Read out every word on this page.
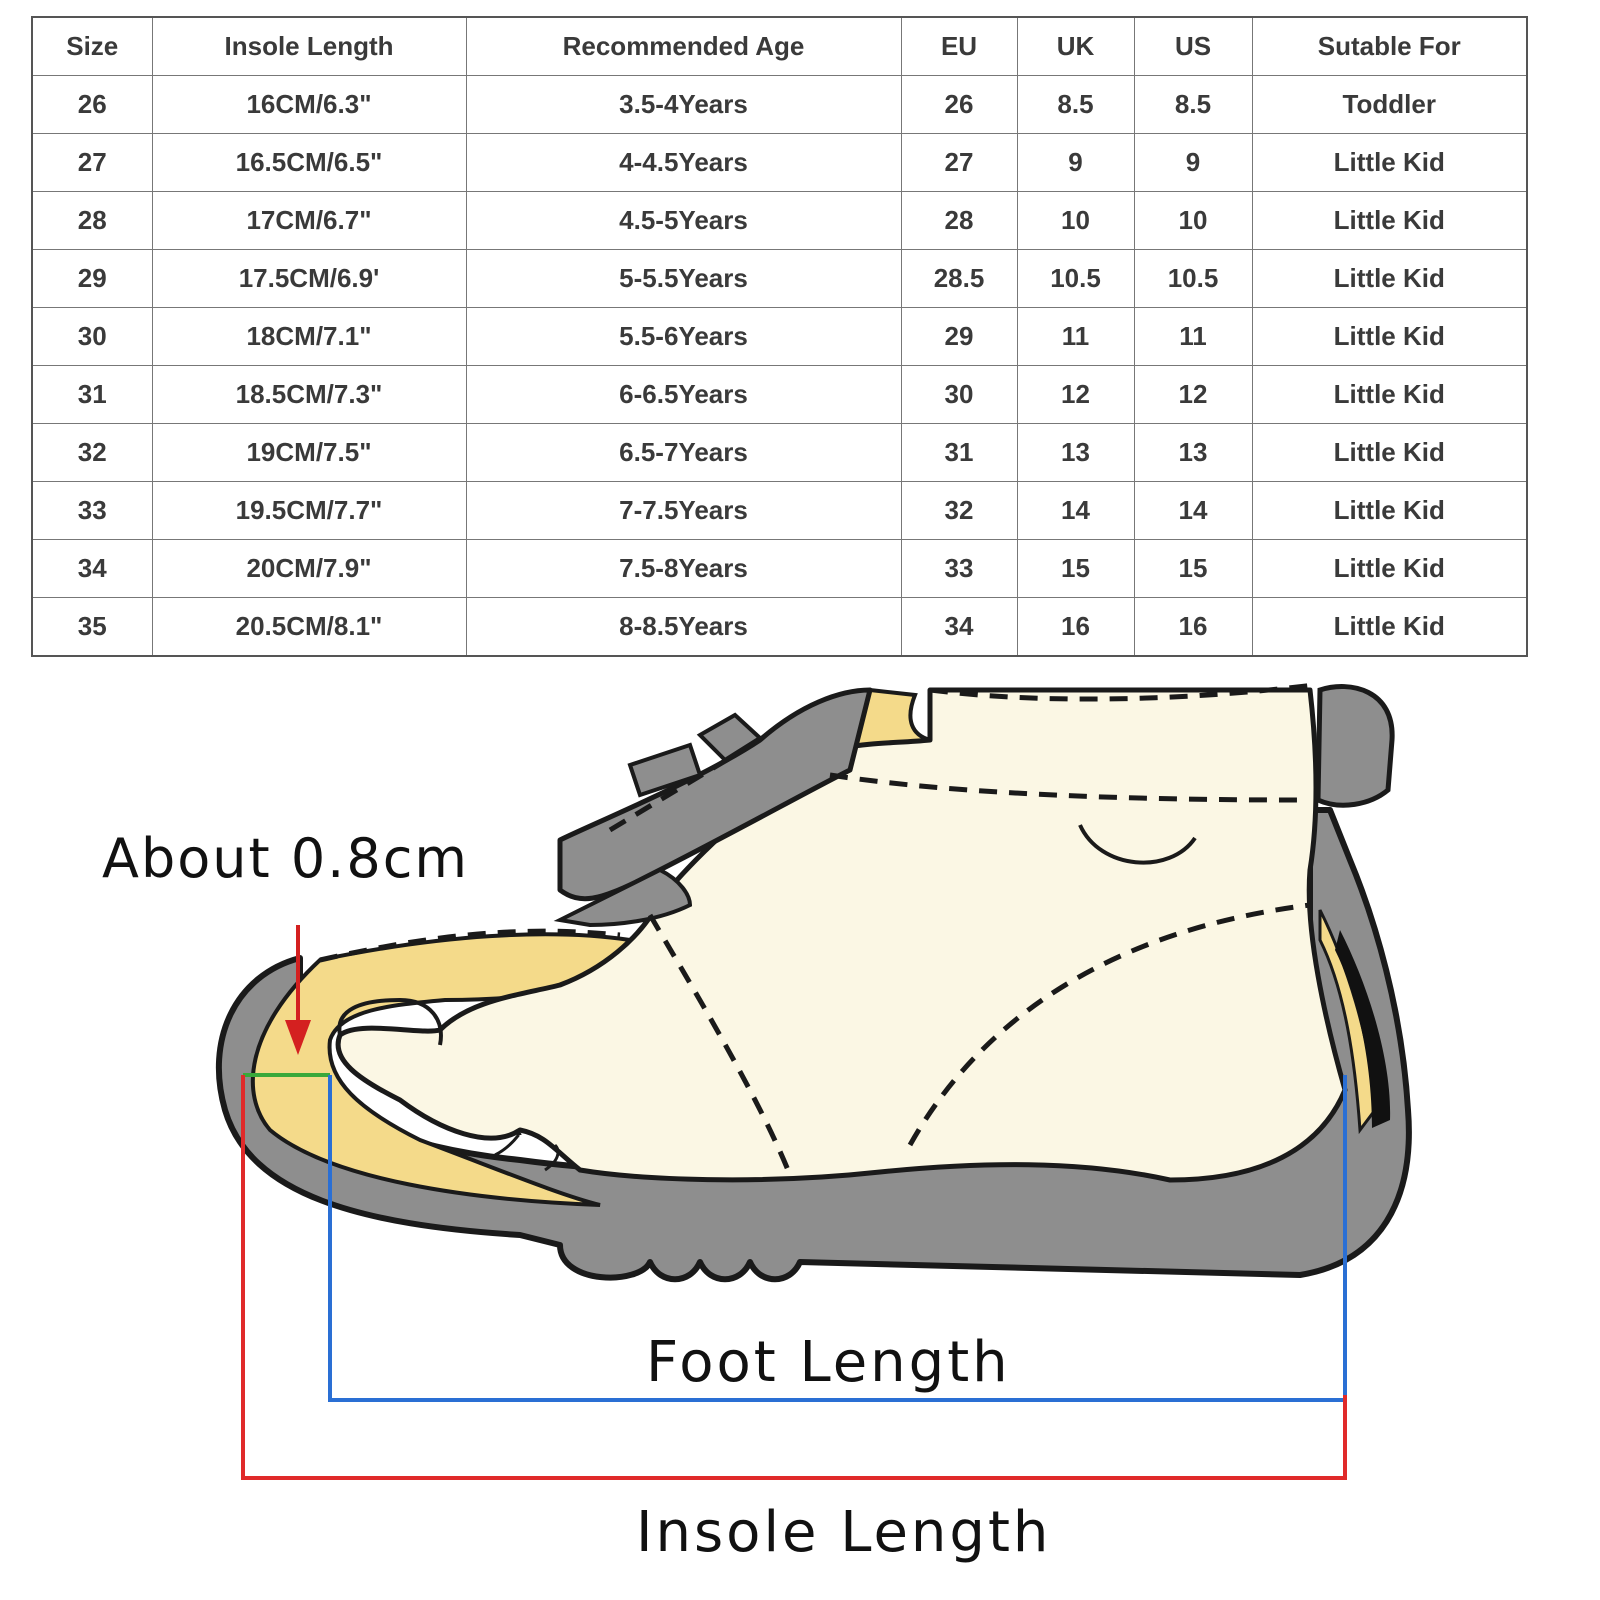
Size	Insole Length	Recommended Age	EU	UK	US	Sutable For
26	16CM/6.3"	3.5-4Years	26	8.5	8.5	Toddler
27	16.5CM/6.5"	4-4.5Years	27	9	9	Little Kid
28	17CM/6.7"	4.5-5Years	28	10	10	Little Kid
29	17.5CM/6.9'	5-5.5Years	28.5	10.5	10.5	Little Kid
30	18CM/7.1"	5.5-6Years	29	11	11	Little Kid
31	18.5CM/7.3"	6-6.5Years	30	12	12	Little Kid
32	19CM/7.5"	6.5-7Years	31	13	13	Little Kid
33	19.5CM/7.7"	7-7.5Years	32	14	14	Little Kid
34	20CM/7.9"	7.5-8Years	33	15	15	Little Kid
35	20.5CM/8.1"	8-8.5Years	34	16	16	Little Kid
About 0.8cm
Foot Length
Insole Length
